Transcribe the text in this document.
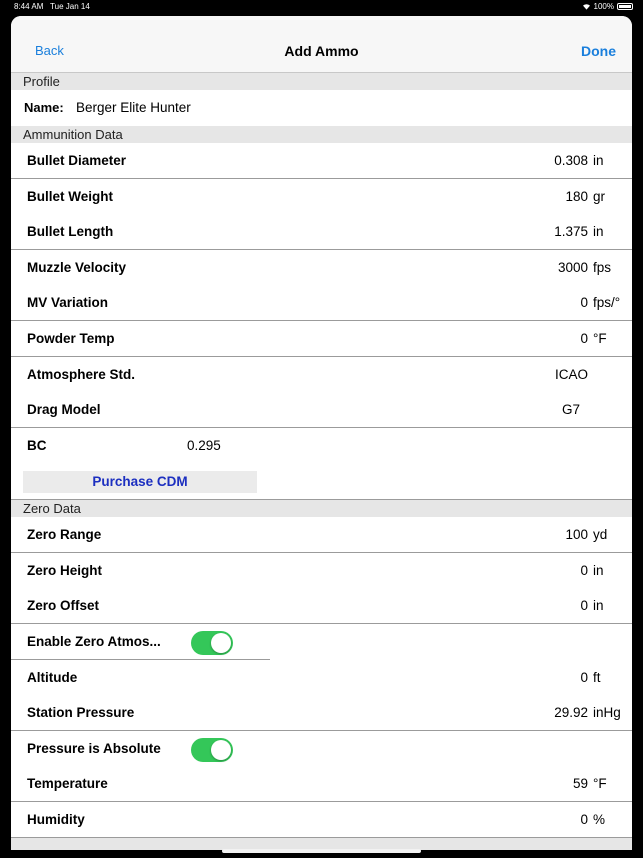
8:44 AM Tue Jan 14	100%
Back	Add Ammo	Done
Profile
Name: Berger Elite Hunter
Ammunition Data
Bullet Diameter	0.308 in
Bullet Weight	180 gr
Bullet Length	1.375 in
Muzzle Velocity	3000 fps
MV Variation	0 fps/°
Powder Temp	0 °F
Atmosphere Std.	ICAO
Drag Model	G7
BC	0.295
Purchase CDM
Zero Data
Zero Range	100 yd
Zero Height	0 in
Zero Offset	0 in
Enable Zero Atmos...
Altitude	0 ft
Station Pressure	29.92 inHg
Pressure is Absolute
Temperature	59 °F
Humidity	0 %
